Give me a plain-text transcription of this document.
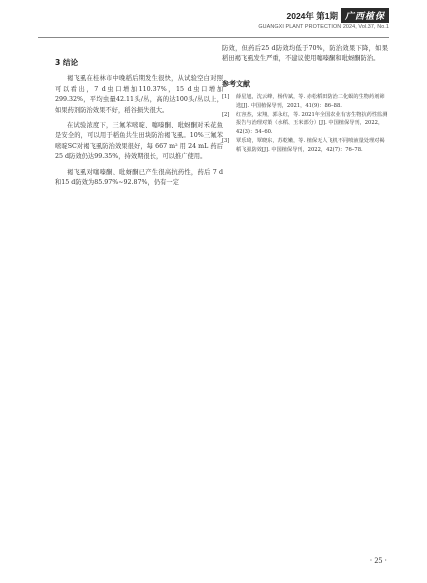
2024年 第1期 广西植保
GUANGXI PLANT PROTECTION 2024, Vol.37, No.1
3 结论

褐飞虱在桂林市中晚稻后期发生很快，从试验空白对照可以看出，7 d虫口增加110.37%，15 d虫口增加299.32%，平均虫量42.11头/丛，高的达100头/丛以上，如果药剂防治效果不好，稻谷损失很大。

在试验浓度下，三氟苯嘧啶、噻嗪酮、吡蚜酮对禾花鱼是安全的，可以用于稻鱼共生田块防治褐飞虱。10%三氟苯嘧啶SC对褐飞虱防治效果很好，每 667 m² 用 24 mL 药后 25 d防效仍达99.35%，持效期很长，可以推广使用。

褐飞虱对噻嗪酮、吡蚜酮已产生很高抗药性，药后 7 d和15 d防效为85.97%~92.87%，仍有一定

防效，但药后25 d防效均低于70%，防治效果下降，如果稻田褐飞虱发生严重，不建议使用噻嗪酮和吡蚜酮防治。

参考文献
[1]	薛星旭，沈云峰，杨传斌，等. 赤松稻田防治二化螟的生物药剂筛选[J]. 中国植保导刊，2021，41(9)：86–88.
[2]	红容杰，宋翔，郭永红，等. 2021年全国农业有害生物抗药性监测报告与治理对策（水稻、玉米部分）[J]. 中国植保导刊，2022，42(3)：54–60.
[3]	覃乐琦，覃晓东，苏乾嫩，等. 植保无人飞机不同喷液量处理对褐稻飞虱防效[J]. 中国植保导刊，2022，42(7)：76–78.
· 25 ·
